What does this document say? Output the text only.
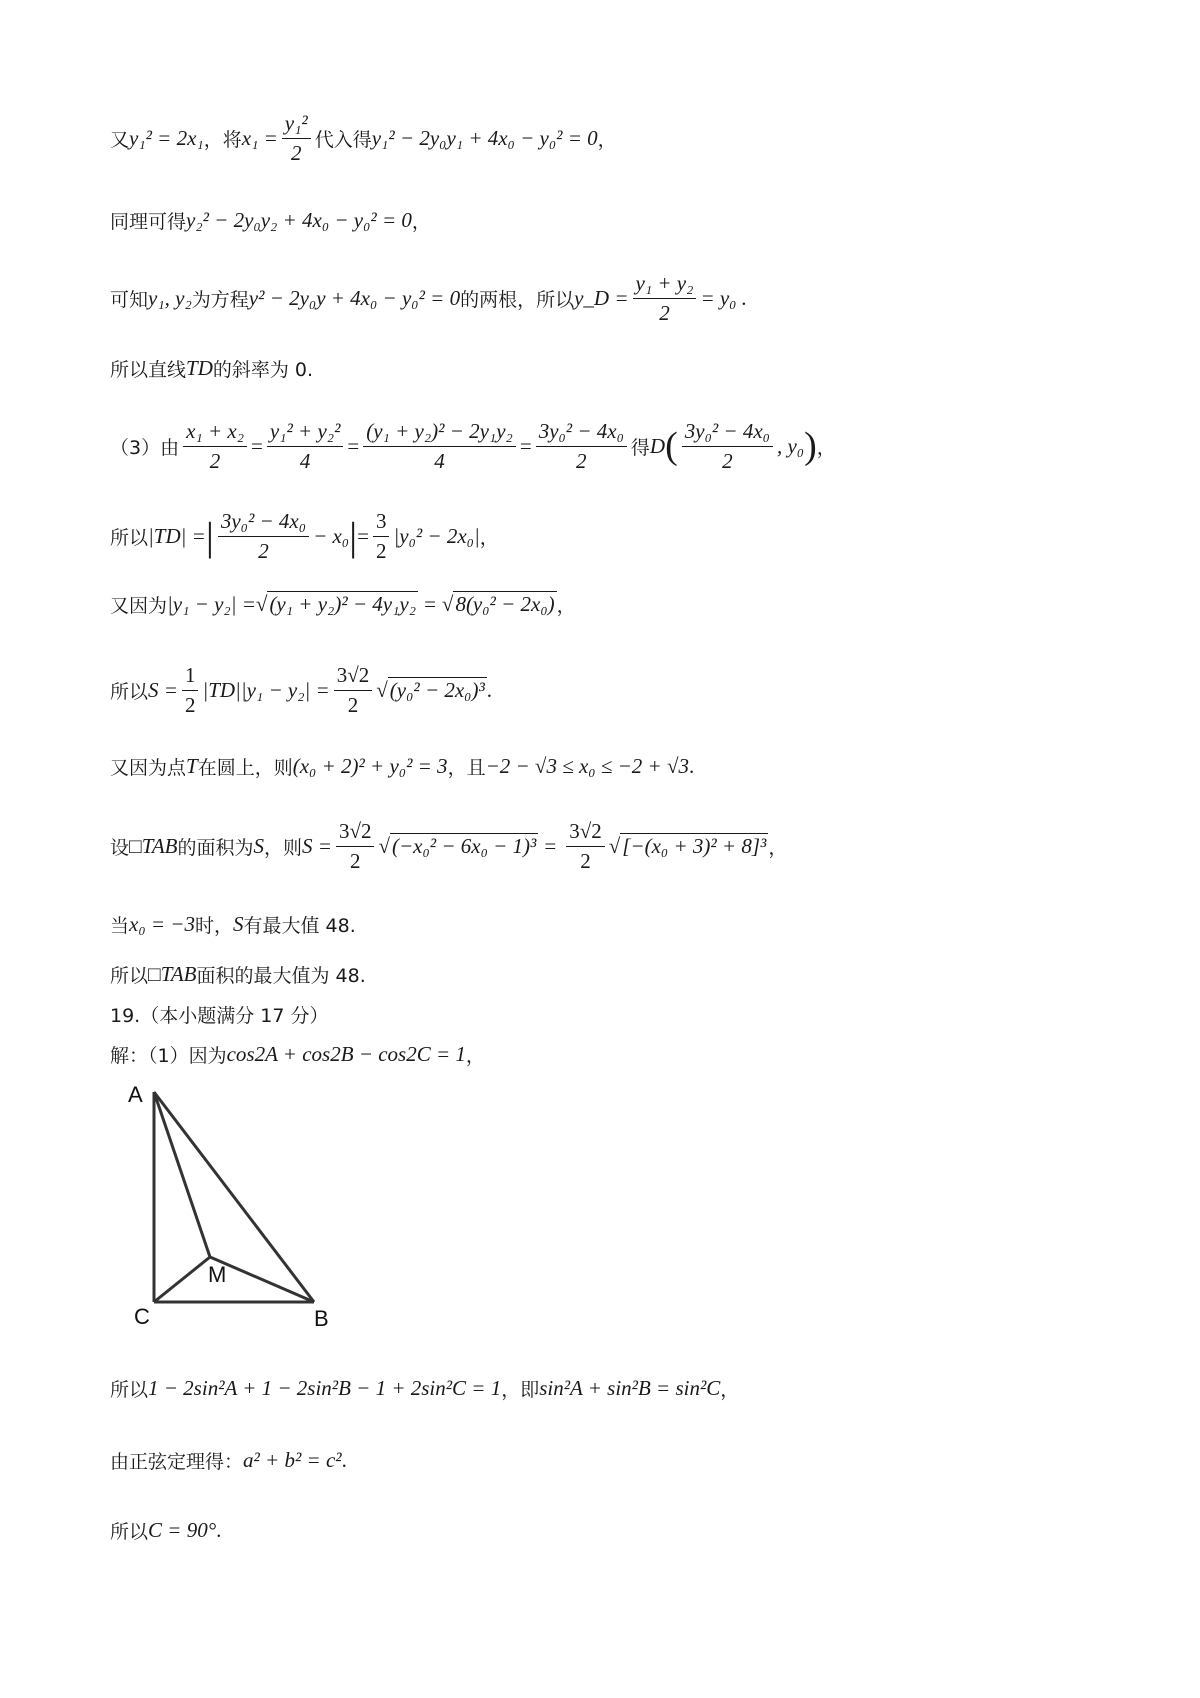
又 y₁² = 2x₁ ，将 $x_1 = \frac{\text{y₁²}}{2}$ 代入得 y₁² − 2y₀y₁ + 4x₀ − y₀² = 0 ，
同理可得 y₂² − 2y₀y₂ + 4x₀ − y₀² = 0 ，
可知 y₁, y₂ 为方程 y² − 2y₀y + 4x₀ − y₀² = 0 的两根，所以 y_D = $\frac{\text{y₁ + y₂}}{2} = y_0$ .
所以直线 TD 的斜率为 0.
（3）由 $\frac{\text{x₁ + x₂}}{2} = \frac{\text{y₁² + y₂²}}{4} = \frac{\text{(y₁ + y₂)² − 2y₁y₂}}{4} = \frac{\text{3y₀² − 4x₀}}{2}$ 得 D ( $\frac{\text{3y₀² − 4x₀}}{2}$ , y₀ ) ，
所以 |TD| = | $\frac{\text{3y₀² − 4x₀}}{2} - x_0$ | = $\frac{3}{2} |y_0^2 - 2x_0|$ ，
又因为 |y₁ − y₂| = √ (y₁ + y₂)² − 4y₁y₂ = √ 8(y₀² − 2x₀) ，
所以 $S = \frac{1}{2} |TD||y_1 - y_2| = \frac{3√2}{2}$ √ (y₀² − 2x₀)³ .
又因为点 T 在圆上，则 (x₀ + 2)² + y₀² = 3 ，且 −2 − √3 ≤ x₀ ≤ −2 + √3 .
设 □ TAB 的面积为 S ，则 $S = \frac{3√2}{2}$ √ $(-x_0^2 - 6x_0 - 1)^3 = \frac{3√2}{2}$ √ [−(x₀ + 3)² + 8]³ ，
当 x₀ = −3 时， S 有最大值 48.
所以 □ TAB 面积的最大值为 48.
19.（本小题满分 17 分）
解：（1）因为 cos2A + cos2B − cos2C = 1 ，
A
M
C	B
所以 1 − 2sin²A + 1 − 2sin²B − 1 + 2sin²C = 1 ，即 sin²A + sin²B = sin²C ，
由正弦定理得： a² + b² = c² .
所以 C = 90° .
